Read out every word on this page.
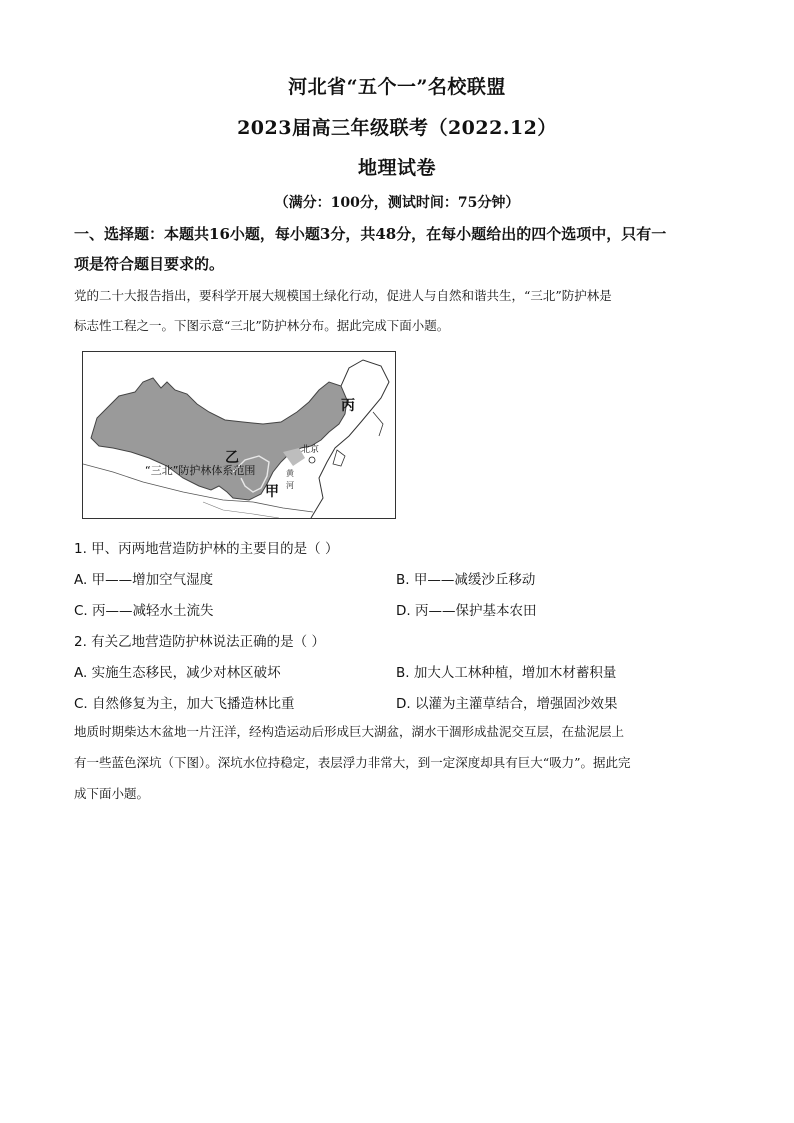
河北省“五个一”名校联盟
2023届高三年级联考（2022.12）
地理试卷
（满分：100分，测试时间：75分钟）
一、选择题：本题共16小题，每小题3分，共48分，在每小题给出的四个选项中，只有一
项是符合题目要求的。
党的二十大报告指出，要科学开展大规模国土绿化行动，促进人与自然和谐共生，“三北”防护林是
标志性工程之一。下图示意“三北”防护林分布。据此完成下面小题。
丙
乙
甲
北京
“三北”防护林体系范围	黄
河
1. 甲、丙两地营造防护林的主要目的是（ ）
A. 甲——增加空气湿度	B. 甲——减缓沙丘移动
C. 丙——减轻水土流失	D. 丙——保护基本农田
2. 有关乙地营造防护林说法正确的是（ ）
A. 实施生态移民，减少对林区破坏	B. 加大人工林种植，增加木材蓄积量
C. 自然修复为主，加大飞播造林比重	D. 以灌为主灌草结合，增强固沙效果
地质时期柴达木盆地一片汪洋，经构造运动后形成巨大湖盆，湖水干涸形成盐泥交互层，在盐泥层上
有一些蓝色深坑（下图）。深坑水位持稳定，表层浮力非常大，到一定深度却具有巨大“吸力”。据此完
成下面小题。
